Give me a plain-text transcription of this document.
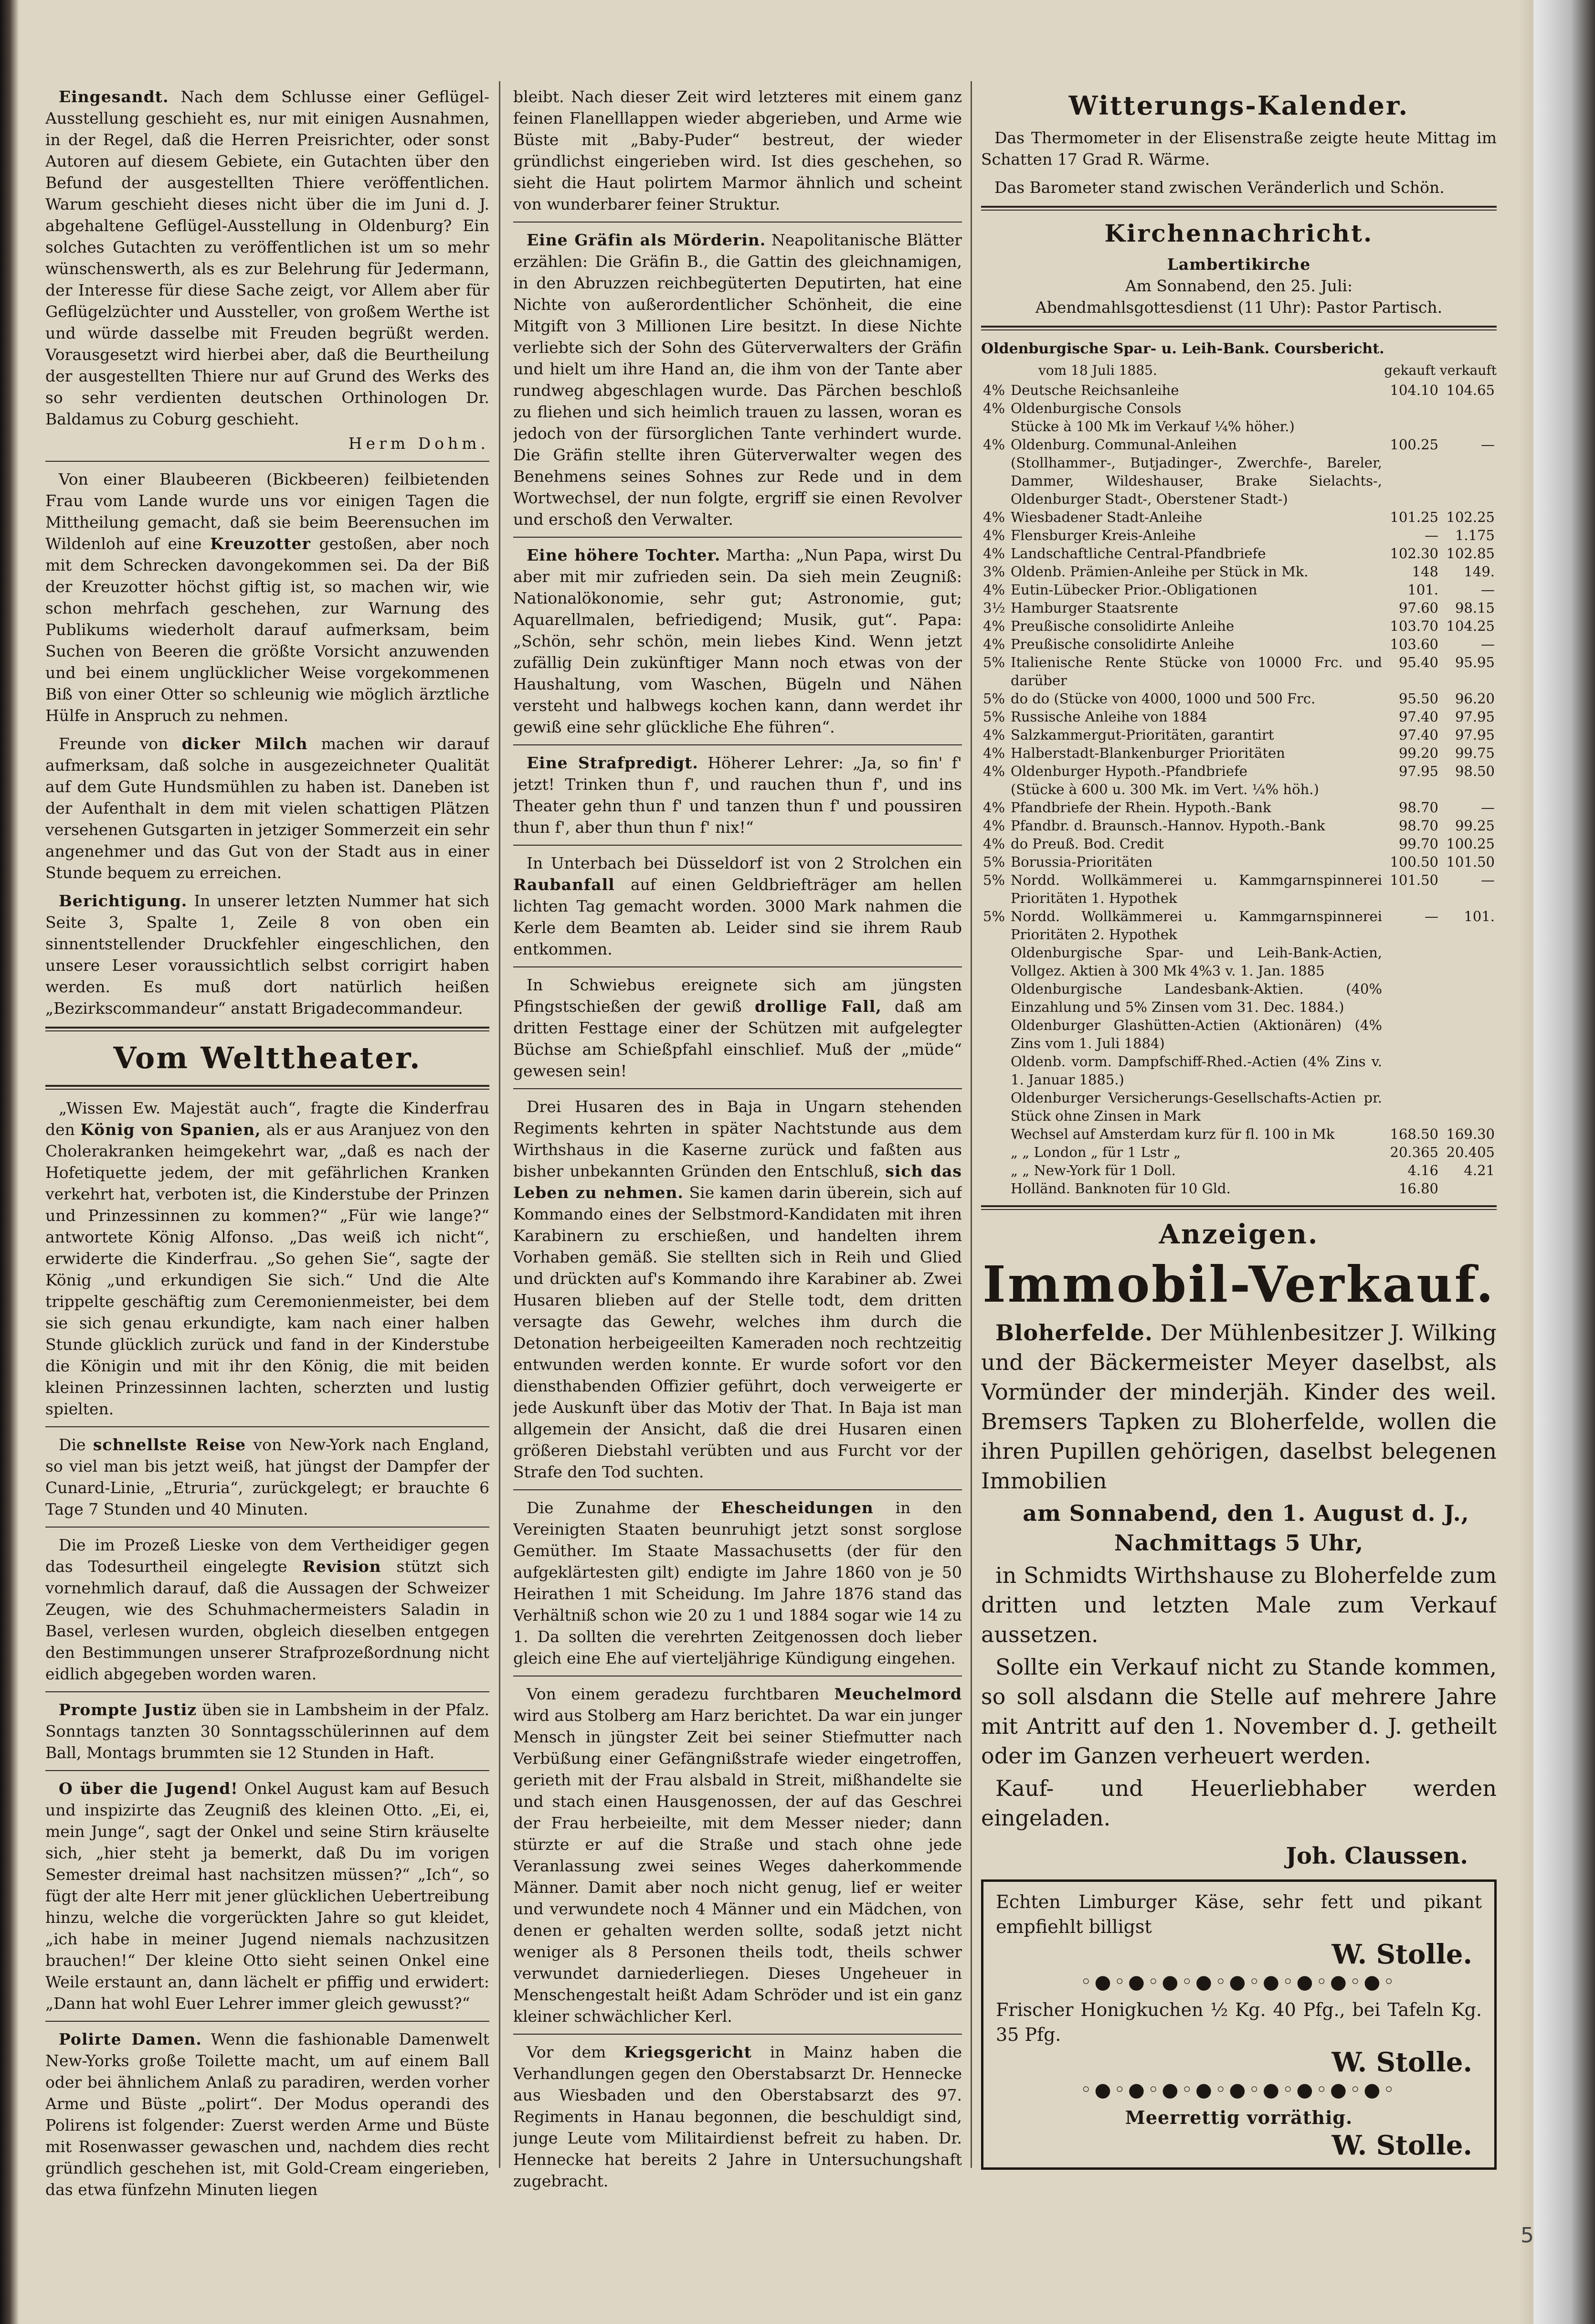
Eingesandt. Nach dem Schlusse einer Geflügel-Ausstellung geschieht es, nur mit einigen Ausnahmen, in der Regel, daß die Herren Preisrichter, oder sonst Autoren auf diesem Gebiete, ein Gutachten über den Befund der ausgestellten Thiere veröffentlichen. Warum geschieht dieses nicht über die im Juni d. J. abgehaltene Geflügel-Ausstellung in Oldenburg? Ein solches Gutachten zu veröffentlichen ist um so mehr wünschenswerth, als es zur Belehrung für Jedermann, der Interesse für diese Sache zeigt, vor Allem aber für Geflügelzüchter und Aussteller, von großem Werthe ist und würde dasselbe mit Freuden begrüßt werden. Vorausgesetzt wird hierbei aber, daß die Beurtheilung der ausgestellten Thiere nur auf Grund des Werks des so sehr verdienten deutschen Orthinologen Dr. Baldamus zu Coburg geschieht.

Herm Dohm.

Von einer Blaubeeren (Bickbeeren) feilbietenden Frau vom Lande wurde uns vor einigen Tagen die Mittheilung gemacht, daß sie beim Beerensuchen im Wildenloh auf eine Kreuzotter gestoßen, aber noch mit dem Schrecken davongekommen sei. Da der Biß der Kreuzotter höchst giftig ist, so machen wir, wie schon mehrfach geschehen, zur Warnung des Publikums wiederholt darauf aufmerksam, beim Suchen von Beeren die größte Vorsicht anzuwenden und bei einem unglücklicher Weise vorgekommenen Biß von einer Otter so schleunig wie möglich ärztliche Hülfe in Anspruch zu nehmen.

Freunde von dicker Milch machen wir darauf aufmerksam, daß solche in ausgezeichneter Qualität auf dem Gute Hundsmühlen zu haben ist. Daneben ist der Aufenthalt in dem mit vielen schattigen Plätzen versehenen Gutsgarten in jetziger Sommerzeit ein sehr angenehmer und das Gut von der Stadt aus in einer Stunde bequem zu erreichen.

Berichtigung. In unserer letzten Nummer hat sich Seite 3, Spalte 1, Zeile 8 von oben ein sinnentstellender Druckfehler eingeschlichen, den unsere Leser voraussichtlich selbst corrigirt haben werden. Es muß dort natürlich heißen „Bezirkscommandeur“ anstatt Brigadecommandeur.

Vom Welttheater.

„Wissen Ew. Majestät auch“, fragte die Kinderfrau den König von Spanien, als er aus Aranjuez von den Cholerakranken heimgekehrt war, „daß es nach der Hofetiquette jedem, der mit gefährlichen Kranken verkehrt hat, verboten ist, die Kinderstube der Prinzen und Prinzessinnen zu kommen?“ „Für wie lange?“ antwortete König Alfonso. „Das weiß ich nicht“, erwiderte die Kinderfrau. „So gehen Sie“, sagte der König „und erkundigen Sie sich.“ Und die Alte trippelte geschäftig zum Ceremonienmeister, bei dem sie sich genau erkundigte, kam nach einer halben Stunde glücklich zurück und fand in der Kinderstube die Königin und mit ihr den König, die mit beiden kleinen Prinzessinnen lachten, scherzten und lustig spielten.

Die schnellste Reise von New-York nach England, so viel man bis jetzt weiß, hat jüngst der Dampfer der Cunard-Linie, „Etruria“, zurückgelegt; er brauchte 6 Tage 7 Stunden und 40 Minuten.

Die im Prozeß Lieske von dem Vertheidiger gegen das Todesurtheil eingelegte Revision stützt sich vornehmlich darauf, daß die Aussagen der Schweizer Zeugen, wie des Schuhmachermeisters Saladin in Basel, verlesen wurden, obgleich dieselben entgegen den Bestimmungen unserer Strafprozeßordnung nicht eidlich abgegeben worden waren.

Prompte Justiz üben sie in Lambsheim in der Pfalz. Sonntags tanzten 30 Sonntagsschülerinnen auf dem Ball, Montags brummten sie 12 Stunden in Haft.

O über die Jugend! Onkel August kam auf Besuch und inspizirte das Zeugniß des kleinen Otto. „Ei, ei, mein Junge“, sagt der Onkel und seine Stirn kräuselte sich, „hier steht ja bemerkt, daß Du im vorigen Semester dreimal hast nachsitzen müssen?“ „Ich“, so fügt der alte Herr mit jener glücklichen Uebertreibung hinzu, welche die vorgerückten Jahre so gut kleidet, „ich habe in meiner Jugend niemals nachzusitzen brauchen!“ Der kleine Otto sieht seinen Onkel eine Weile erstaunt an, dann lächelt er pfiffig und erwidert: „Dann hat wohl Euer Lehrer immer gleich gewusst?“

Polirte Damen. Wenn die fashionable Damenwelt New-Yorks große Toilette macht, um auf einem Ball oder bei ähnlichem Anlaß zu paradiren, werden vorher Arme und Büste „polirt“. Der Modus operandi des Polirens ist folgender: Zuerst werden Arme und Büste mit Rosenwasser gewaschen und, nachdem dies recht gründlich geschehen ist, mit Gold-Cream eingerieben, das etwa fünfzehn Minuten liegen

bleibt. Nach dieser Zeit wird letzteres mit einem ganz feinen Flanelllappen wieder abgerieben, und Arme wie Büste mit „Baby-Puder“ bestreut, der wieder gründlichst eingerieben wird. Ist dies geschehen, so sieht die Haut polirtem Marmor ähnlich und scheint von wunderbarer feiner Struktur.

Eine Gräfin als Mörderin. Neapolitanische Blätter erzählen: Die Gräfin B., die Gattin des gleichnamigen, in den Abruzzen reichbegüterten Deputirten, hat eine Nichte von außerordentlicher Schönheit, die eine Mitgift von 3 Millionen Lire besitzt. In diese Nichte verliebte sich der Sohn des Güterverwalters der Gräfin und hielt um ihre Hand an, die ihm von der Tante aber rundweg abgeschlagen wurde. Das Pärchen beschloß zu fliehen und sich heimlich trauen zu lassen, woran es jedoch von der fürsorglichen Tante verhindert wurde. Die Gräfin stellte ihren Güterverwalter wegen des Benehmens seines Sohnes zur Rede und in dem Wortwechsel, der nun folgte, ergriff sie einen Revolver und erschoß den Verwalter.

Eine höhere Tochter. Martha: „Nun Papa, wirst Du aber mit mir zufrieden sein. Da sieh mein Zeugniß: Nationalökonomie, sehr gut; Astronomie, gut; Aquarellmalen, befriedigend; Musik, gut“. Papa: „Schön, sehr schön, mein liebes Kind. Wenn jetzt zufällig Dein zukünftiger Mann noch etwas von der Haushaltung, vom Waschen, Bügeln und Nähen versteht und halbwegs kochen kann, dann werdet ihr gewiß eine sehr glückliche Ehe führen“.

Eine Strafpredigt. Höherer Lehrer: „Ja, so fin' f' jetzt! Trinken thun f', und rauchen thun f', und ins Theater gehn thun f' und tanzen thun f' und poussiren thun f', aber thun thun f' nix!“

In Unterbach bei Düsseldorf ist von 2 Strolchen ein Raubanfall auf einen Geldbriefträger am hellen lichten Tag gemacht worden. 3000 Mark nahmen die Kerle dem Beamten ab. Leider sind sie ihrem Raub entkommen.

In Schwiebus ereignete sich am jüngsten Pfingstschießen der gewiß drollige Fall, daß am dritten Festtage einer der Schützen mit aufgelegter Büchse am Schießpfahl einschlief. Muß der „müde“ gewesen sein!

Drei Husaren des in Baja in Ungarn stehenden Regiments kehrten in später Nachtstunde aus dem Wirthshaus in die Kaserne zurück und faßten aus bisher unbekannten Gründen den Entschluß, sich das Leben zu nehmen. Sie kamen darin überein, sich auf Kommando eines der Selbstmord-Kandidaten mit ihren Karabinern zu erschießen, und handelten ihrem Vorhaben gemäß. Sie stellten sich in Reih und Glied und drückten auf's Kommando ihre Karabiner ab. Zwei Husaren blieben auf der Stelle todt, dem dritten versagte das Gewehr, welches ihm durch die Detonation herbeigeeilten Kameraden noch rechtzeitig entwunden werden konnte. Er wurde sofort vor den diensthabenden Offizier geführt, doch verweigerte er jede Auskunft über das Motiv der That. In Baja ist man allgemein der Ansicht, daß die drei Husaren einen größeren Diebstahl verübten und aus Furcht vor der Strafe den Tod suchten.

Die Zunahme der Ehescheidungen in den Vereinigten Staaten beunruhigt jetzt sonst sorglose Gemüther. Im Staate Massachusetts (der für den aufgeklärtesten gilt) endigte im Jahre 1860 von je 50 Heirathen 1 mit Scheidung. Im Jahre 1876 stand das Verhältniß schon wie 20 zu 1 und 1884 sogar wie 14 zu 1. Da sollten die verehrten Zeitgenossen doch lieber gleich eine Ehe auf vierteljährige Kündigung eingehen.

Von einem geradezu furchtbaren Meuchelmord wird aus Stolberg am Harz berichtet. Da war ein junger Mensch in jüngster Zeit bei seiner Stiefmutter nach Verbüßung einer Gefängnißstrafe wieder eingetroffen, gerieth mit der Frau alsbald in Streit, mißhandelte sie und stach einen Hausgenossen, der auf das Geschrei der Frau herbeieilte, mit dem Messer nieder; dann stürzte er auf die Straße und stach ohne jede Veranlassung zwei seines Weges daherkommende Männer. Damit aber noch nicht genug, lief er weiter und verwundete noch 4 Männer und ein Mädchen, von denen er gehalten werden sollte, sodaß jetzt nicht weniger als 8 Personen theils todt, theils schwer verwundet darniederliegen. Dieses Ungeheuer in Menschengestalt heißt Adam Schröder und ist ein ganz kleiner schwächlicher Kerl.

Vor dem Kriegsgericht in Mainz haben die Verhandlungen gegen den Oberstabsarzt Dr. Hennecke aus Wiesbaden und den Oberstabsarzt des 97. Regiments in Hanau begonnen, die beschuldigt sind, junge Leute vom Militairdienst befreit zu haben. Dr. Hennecke hat bereits 2 Jahre in Untersuchungshaft zugebracht.

Witterungs-Kalender.

Das Thermometer in der Elisenstraße zeigte heute Mittag im Schatten 17 Grad R. Wärme.

Das Barometer stand zwischen Veränderlich und Schön.

Kirchennachricht.
Lambertikirche
Am Sonnabend, den 25. Juli:
Abendmahlsgottesdienst (11 Uhr): Pastor Partisch.
Oldenburgische Spar- u. Leih-Bank. Coursbericht.
vom 18 Juli 1885.	gekauft verkauft
4%	Deutsche Reichsanleihe	104.10	104.65
4%	Oldenburgische Consols		
	Stücke à 100 Mk im Verkauf ¼% höher.)		
4%	Oldenburg. Communal-Anleihen	100.25	—
	(Stollhammer-, Butjadinger-, Zwerchfe-, Bareler, Dammer, Wildeshauser, Brake Sielachts-, Oldenburger Stadt-, Oberstener Stadt-)		
4%	Wiesbadener Stadt-Anleihe	101.25	102.25
4%	Flensburger Kreis-Anleihe	—	1.175
4%	Landschaftliche Central-Pfandbriefe	102.30	102.85
3%	Oldenb. Prämien-Anleihe per Stück in Mk.	148	149.
4%	Eutin-Lübecker Prior.-Obligationen	101.	—
3½	Hamburger Staatsrente	97.60	98.15
4%	Preußische consolidirte Anleihe	103.70	104.25
4%	Preußische consolidirte Anleihe	103.60	—
5%	Italienische Rente Stücke von 10000 Frc. und darüber	95.40	95.95
5%	do do (Stücke von 4000, 1000 und 500 Frc.	95.50	96.20
5%	Russische Anleihe von 1884	97.40	97.95
4%	Salzkammergut-Prioritäten, garantirt	97.40	97.95
4%	Halberstadt-Blankenburger Prioritäten	99.20	99.75
4%	Oldenburger Hypoth.-Pfandbriefe	97.95	98.50
	(Stücke à 600 u. 300 Mk. im Vert. ¼% höh.)		
4%	Pfandbriefe der Rhein. Hypoth.-Bank	98.70	—
4%	Pfandbr. d. Braunsch.-Hannov. Hypoth.-Bank	98.70	99.25
4%	do Preuß. Bod. Credit	99.70	100.25
5%	Borussia-Prioritäten	100.50	101.50
5%	Nordd. Wollkämmerei u. Kammgarnspinnerei Prioritäten 1. Hypothek	101.50	—
5%	Nordd. Wollkämmerei u. Kammgarnspinnerei Prioritäten 2. Hypothek	—	101.
	Oldenburgische Spar- und Leih-Bank-Actien, Vollgez. Aktien à 300 Mk 4%3 v. 1. Jan. 1885		
	Oldenburgische Landesbank-Aktien. (40% Einzahlung und 5% Zinsen vom 31. Dec. 1884.)		
	Oldenburger Glashütten-Actien (Aktionären) (4% Zins vom 1. Juli 1884)		
	Oldenb. vorm. Dampfschiff-Rhed.-Actien (4% Zins v. 1. Januar 1885.)		
	Oldenburger Versicherungs-Gesellschafts-Actien pr. Stück ohne Zinsen in Mark		
	Wechsel auf Amsterdam kurz für fl. 100 in Mk	168.50	169.30
	„ „ London „ für 1 Lstr „	20.365	20.405
	„ „ New-York für 1 Doll.	4.16	4.21
	Holländ. Banknoten für 10 Gld.	16.80	
Anzeigen.
Immobil-Verkauf.

Bloherfelde. Der Mühlenbesitzer J. Wilking und der Bäckermeister Meyer daselbst, als Vormünder der minderjäh. Kinder des weil. Bremsers Tapken zu Bloherfelde, wollen die ihren Pupillen gehörigen, daselbst belegenen Immobilien

am Sonnabend, den 1. August d. J., Nachmittags 5 Uhr,

in Schmidts Wirthshause zu Bloherfelde zum dritten und letzten Male zum Verkauf aussetzen.

Sollte ein Verkauf nicht zu Stande kommen, so soll alsdann die Stelle auf mehrere Jahre mit Antritt auf den 1. November d. J. getheilt oder im Ganzen verheuert werden.

Kauf- und Heuerliebhaber werden eingeladen.

Joh. Claussen.
Echten Limburger Käse, sehr fett und pikant empfiehlt billigst
W. Stolle.
◦●◦●◦●◦●◦●◦●◦●◦●◦●◦
Frischer Honigkuchen ½ Kg. 40 Pfg., bei Tafeln Kg. 35 Pfg.
W. Stolle.
◦●◦●◦●◦●◦●◦●◦●◦●◦●◦
Meerrettig vorräthig.
W. Stolle.
5
